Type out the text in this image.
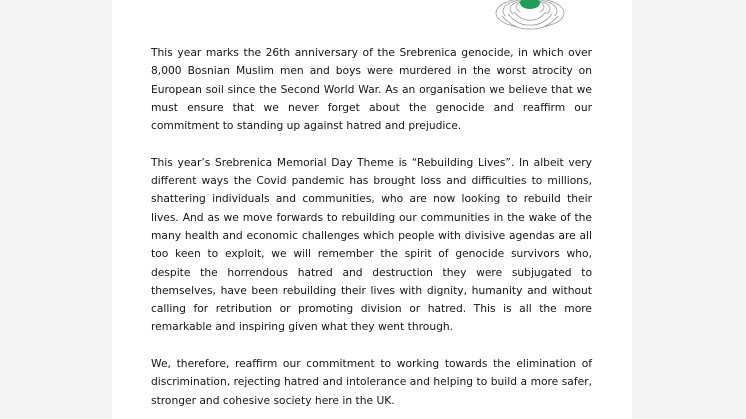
This year marks the 26th anniversary of the Srebrenica genocide, in which over 8,000 Bosnian Muslim men and boys were murdered in the worst atrocity on European soil since the Second World War. As an organisation we believe that we must ensure that we never forget about the genocide and reaffirm our commitment to standing up against hatred and prejudice.

This year’s Srebrenica Memorial Day Theme is “Rebuilding Lives”. In albeit very different ways the Covid pandemic has brought loss and difficulties to millions, shattering individuals and communities, who are now looking to rebuild their lives. And as we move forwards to rebuilding our communities in the wake of the many health and economic challenges which people with divisive agendas are all too keen to exploit, we will remember the spirit of genocide survivors who, despite the horrendous hatred and destruction they were subjugated to themselves, have been rebuilding their lives with dignity, humanity and without calling for retribution or promoting division or hatred. This is all the more remarkable and inspiring given what they went through.

We, therefore, reaffirm our commitment to working towards the elimination of discrimination, rejecting hatred and intolerance and helping to build a more safer, stronger and cohesive society here in the UK.
